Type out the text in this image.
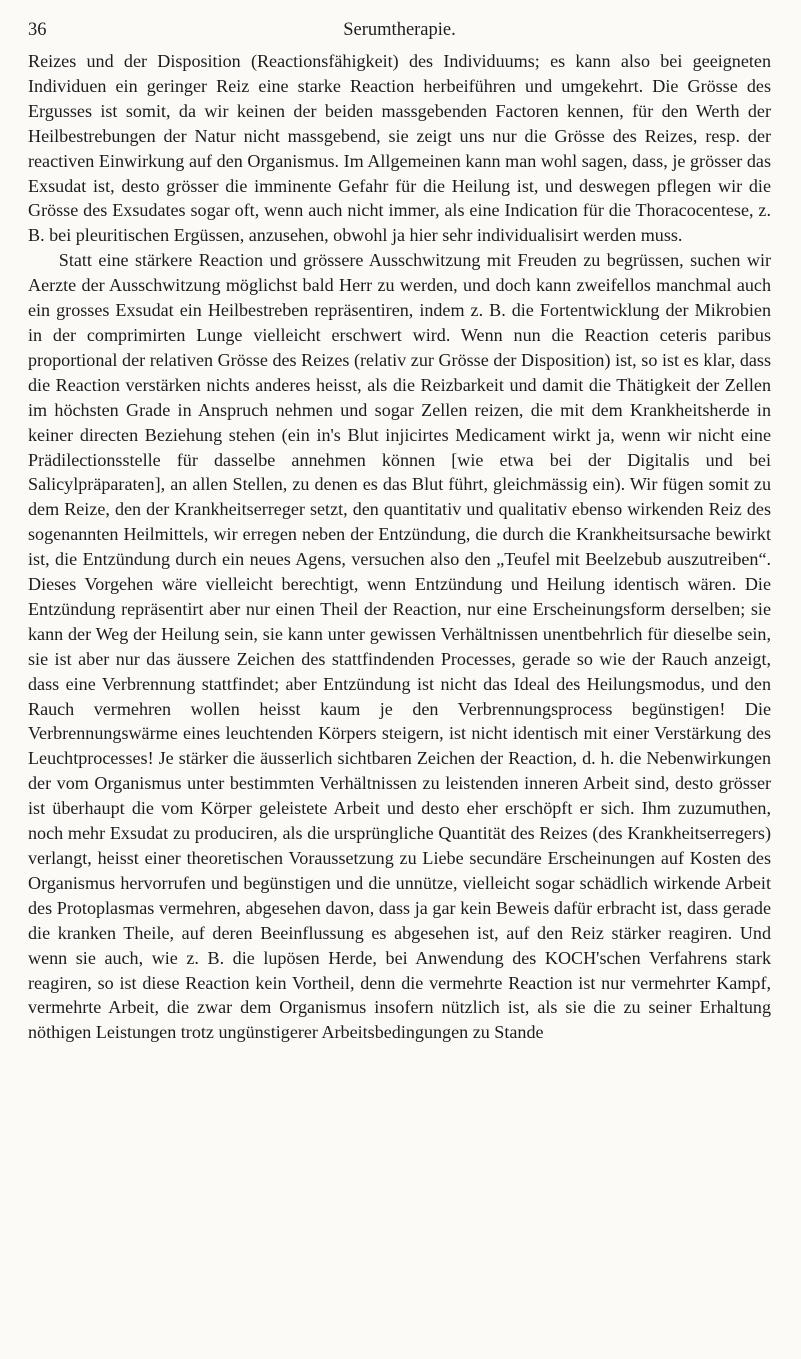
36	Serumtherapie.

Reizes und der Disposition (Reactionsfähigkeit) des Individuums; es kann also bei geeigneten Individuen ein geringer Reiz eine starke Reaction herbeiführen und umgekehrt. Die Grösse des Ergusses ist somit, da wir keinen der beiden massgebenden Factoren kennen, für den Werth der Heilbestrebungen der Natur nicht massgebend, sie zeigt uns nur die Grösse des Reizes, resp. der reactiven Einwirkung auf den Organismus. Im Allgemeinen kann man wohl sagen, dass, je grösser das Exsudat ist, desto grösser die imminente Gefahr für die Heilung ist, und deswegen pflegen wir die Grösse des Exsudates sogar oft, wenn auch nicht immer, als eine Indication für die Thoracocentese, z. B. bei pleuritischen Ergüssen, anzusehen, obwohl ja hier sehr individualisirt werden muss.

Statt eine stärkere Reaction und grössere Ausschwitzung mit Freuden zu begrüssen, suchen wir Aerzte der Ausschwitzung möglichst bald Herr zu werden, und doch kann zweifellos manchmal auch ein grosses Exsudat ein Heilbestreben repräsentiren, indem z. B. die Fortentwicklung der Mikrobien in der comprimirten Lunge vielleicht erschwert wird. Wenn nun die Reaction ceteris paribus proportional der relativen Grösse des Reizes (relativ zur Grösse der Disposition) ist, so ist es klar, dass die Reaction verstärken nichts anderes heisst, als die Reizbarkeit und damit die Thätigkeit der Zellen im höchsten Grade in Anspruch nehmen und sogar Zellen reizen, die mit dem Krankheitsherde in keiner directen Beziehung stehen (ein in's Blut injicirtes Medicament wirkt ja, wenn wir nicht eine Prädilectionsstelle für dasselbe annehmen können [wie etwa bei der Digitalis und bei Salicylpräparaten], an allen Stellen, zu denen es das Blut führt, gleichmässig ein). Wir fügen somit zu dem Reize, den der Krankheitserreger setzt, den quantitativ und qualitativ ebenso wirkenden Reiz des sogenannten Heilmittels, wir erregen neben der Entzündung, die durch die Krankheitsursache bewirkt ist, die Entzündung durch ein neues Agens, versuchen also den „Teufel mit Beelzebub auszutreiben“. Dieses Vorgehen wäre vielleicht berechtigt, wenn Entzündung und Heilung identisch wären. Die Entzündung repräsentirt aber nur einen Theil der Reaction, nur eine Erscheinungsform derselben; sie kann der Weg der Heilung sein, sie kann unter gewissen Verhältnissen unentbehrlich für dieselbe sein, sie ist aber nur das äussere Zeichen des stattfindenden Processes, gerade so wie der Rauch anzeigt, dass eine Verbrennung stattfindet; aber Entzündung ist nicht das Ideal des Heilungsmodus, und den Rauch vermehren wollen heisst kaum je den Verbrennungsprocess begünstigen! Die Verbrennungswärme eines leuchtenden Körpers steigern, ist nicht identisch mit einer Verstärkung des Leuchtprocesses! Je stärker die äusserlich sichtbaren Zeichen der Reaction, d. h. die Nebenwirkungen der vom Organismus unter bestimmten Verhältnissen zu leistenden inneren Arbeit sind, desto grösser ist überhaupt die vom Körper geleistete Arbeit und desto eher erschöpft er sich. Ihm zuzumuthen, noch mehr Exsudat zu produciren, als die ursprüngliche Quantität des Reizes (des Krankheitserregers) verlangt, heisst einer theoretischen Voraussetzung zu Liebe secundäre Erscheinungen auf Kosten des Organismus hervorrufen und begünstigen und die unnütze, vielleicht sogar schädlich wirkende Arbeit des Protoplasmas vermehren, abgesehen davon, dass ja gar kein Beweis dafür erbracht ist, dass gerade die kranken Theile, auf deren Beeinflussung es abgesehen ist, auf den Reiz stärker reagiren. Und wenn sie auch, wie z. B. die lupösen Herde, bei Anwendung des KOCH'schen Verfahrens stark reagiren, so ist diese Reaction kein Vortheil, denn die vermehrte Reaction ist nur vermehrter Kampf, vermehrte Arbeit, die zwar dem Organismus insofern nützlich ist, als sie die zu seiner Erhaltung nöthigen Leistungen trotz ungünstigerer Arbeitsbedingungen zu Stande
